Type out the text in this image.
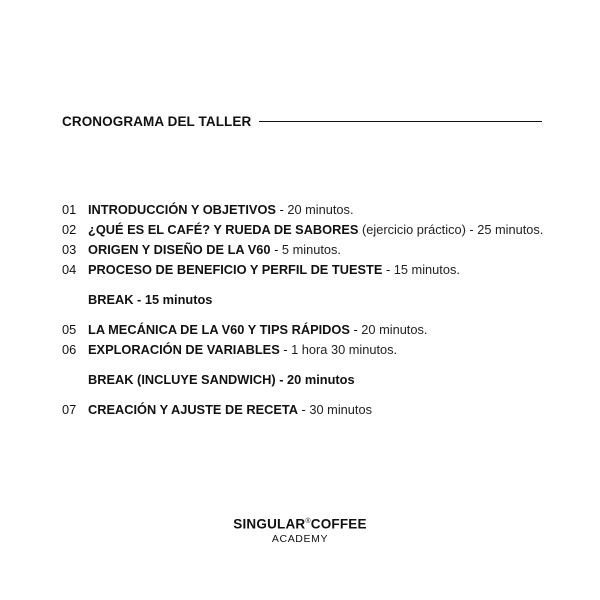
CRONOGRAMA DEL TALLER
01 INTRODUCCIÓN Y OBJETIVOS - 20 minutos.
02 ¿QUÉ ES EL CAFÉ? Y RUEDA DE SABORES
(ejercicio práctico) - 25 minutos.
03 ORIGEN Y DISEÑO DE LA V60 - 5 minutos.
04 PROCESO DE BENEFICIO Y PERFIL DE TUESTE - 15 minutos.
BREAK - 15 minutos
05 LA MECÁNICA DE LA V60 Y TIPS RÁPIDOS - 20 minutos.
06 EXPLORACIÓN DE VARIABLES - 1 hora 30 minutos.
BREAK (INCLUYE SANDWICH) - 20 minutos
07 CREACIÓN Y AJUSTE DE RECETA - 30 minutos
SINGULAR®COFFEE
ACADEMY
